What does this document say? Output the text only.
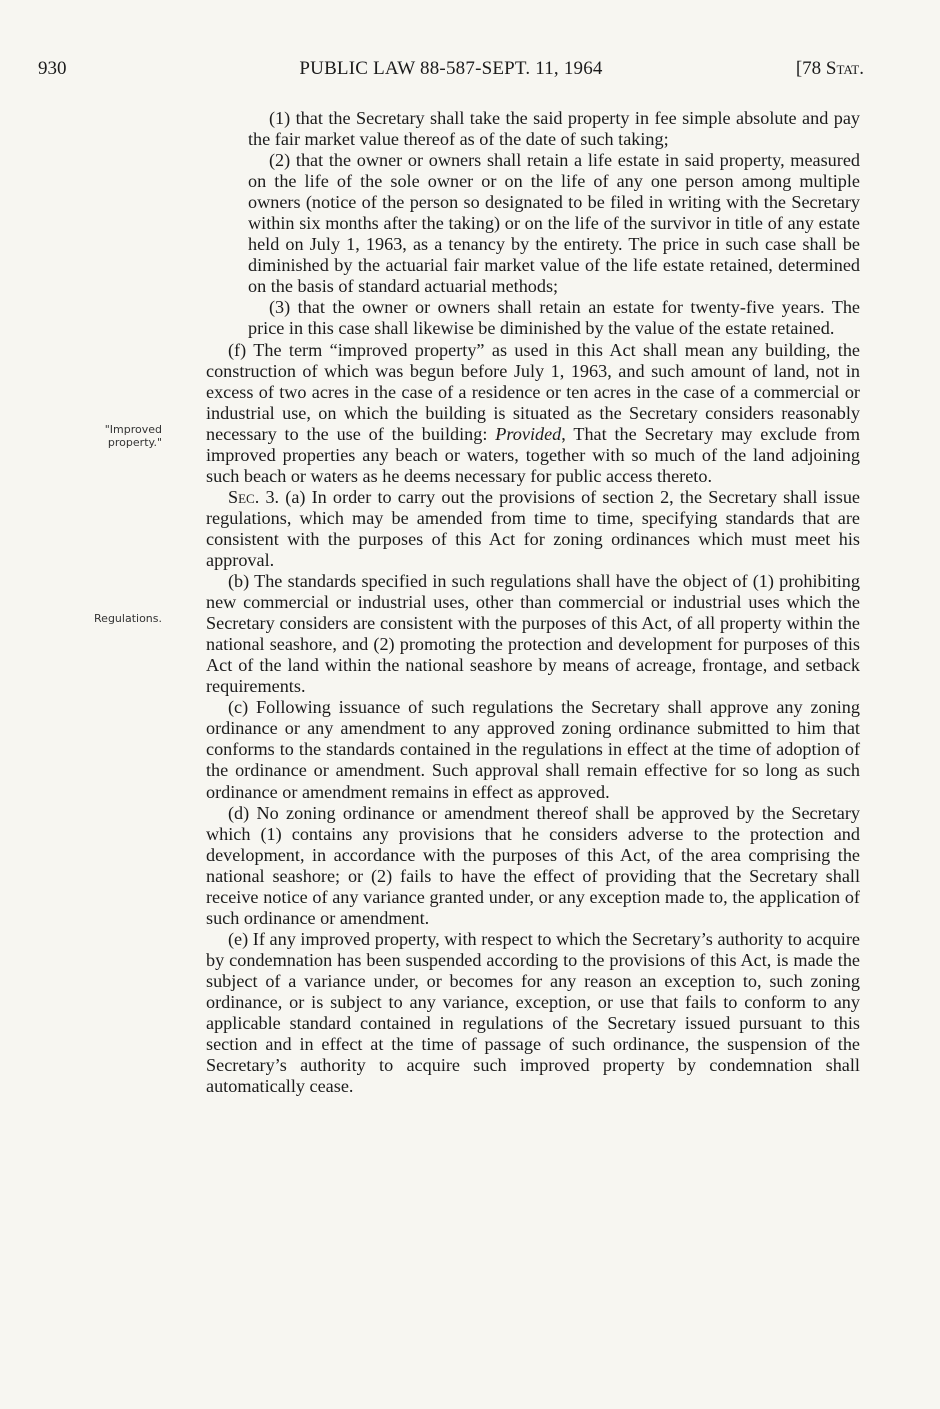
930	PUBLIC LAW 88-587-SEPT. 11, 1964	[78 Stat.
"Improved property."
Regulations.

(1) that the Secretary shall take the said property in fee simple absolute and pay the fair market value thereof as of the date of such taking;

(2) that the owner or owners shall retain a life estate in said property, measured on the life of the sole owner or on the life of any one person among multiple owners (notice of the person so designated to be filed in writing with the Secretary within six months after the taking) or on the life of the survivor in title of any estate held on July 1, 1963, as a tenancy by the entirety. The price in such case shall be diminished by the actuarial fair market value of the life estate retained, determined on the basis of standard actuarial methods;

(3) that the owner or owners shall retain an estate for twenty-five years. The price in this case shall likewise be diminished by the value of the estate retained.

(f) The term “improved property” as used in this Act shall mean any building, the construction of which was begun before July 1, 1963, and such amount of land, not in excess of two acres in the case of a residence or ten acres in the case of a commercial or industrial use, on which the building is situated as the Secretary considers reasonably necessary to the use of the building: Provided, That the Secretary may exclude from improved properties any beach or waters, together with so much of the land adjoining such beach or waters as he deems necessary for public access thereto.

Sec. 3. (a) In order to carry out the provisions of section 2, the Secretary shall issue regulations, which may be amended from time to time, specifying standards that are consistent with the purposes of this Act for zoning ordinances which must meet his approval.

(b) The standards specified in such regulations shall have the object of (1) prohibiting new commercial or industrial uses, other than commercial or industrial uses which the Secretary considers are consistent with the purposes of this Act, of all property within the national seashore, and (2) promoting the protection and development for purposes of this Act of the land within the national seashore by means of acreage, frontage, and setback requirements.

(c) Following issuance of such regulations the Secretary shall approve any zoning ordinance or any amendment to any approved zoning ordinance submitted to him that conforms to the standards contained in the regulations in effect at the time of adoption of the ordinance or amendment. Such approval shall remain effective for so long as such ordinance or amendment remains in effect as approved.

(d) No zoning ordinance or amendment thereof shall be approved by the Secretary which (1) contains any provisions that he considers adverse to the protection and development, in accordance with the purposes of this Act, of the area comprising the national seashore; or (2) fails to have the effect of providing that the Secretary shall receive notice of any variance granted under, or any exception made to, the application of such ordinance or amendment.

(e) If any improved property, with respect to which the Secretary’s authority to acquire by condemnation has been suspended according to the provisions of this Act, is made the subject of a variance under, or becomes for any reason an exception to, such zoning ordinance, or is subject to any variance, exception, or use that fails to conform to any applicable standard contained in regulations of the Secretary issued pursuant to this section and in effect at the time of passage of such ordinance, the suspension of the Secretary’s authority to acquire such improved property by condemnation shall automatically cease.
